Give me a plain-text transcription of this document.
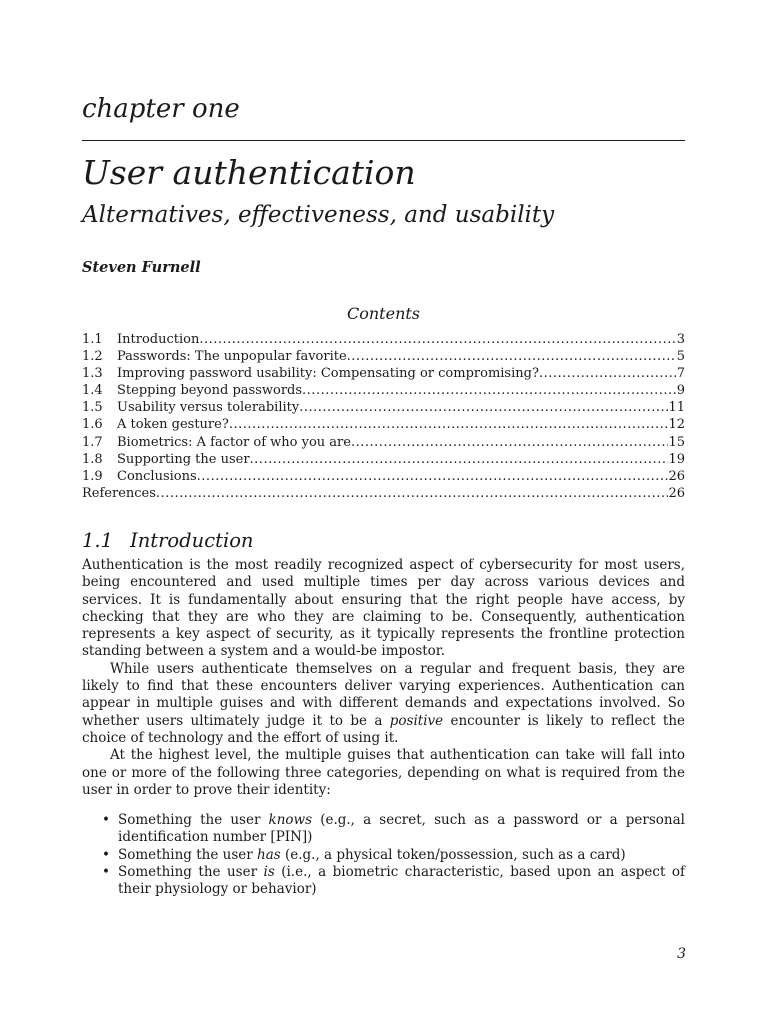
chapter one
User authentication
Alternatives, effectiveness, and usability
Steven Furnell
Contents
1.1	Introduction .....	3
1.2	Passwords: The unpopular favorite .....	5
1.3	Improving password usability: Compensating or compromising? .....	7
1.4	Stepping beyond passwords .....	9
1.5	Usability versus tolerability .....	11
1.6	A token gesture? .....	12
1.7	Biometrics: A factor of who you are .....	15
1.8	Supporting the user .....	19
1.9	Conclusions .....	26
References .....	26
1.1 Introduction

Authentication is the most readily recognized aspect of cybersecurity for most users, being encountered and used multiple times per day across various devices and services. It is fundamentally about ensuring that the right people have access, by checking that they are who they are claiming to be. Consequently, authentication represents a key aspect of security, as it typically represents the frontline protection standing between a system and a would-be impostor.

While users authenticate themselves on a regular and frequent basis, they are likely to find that these encounters deliver varying experiences. Authentication can appear in multiple guises and with different demands and expectations involved. So whether users ultimately judge it to be a positive encounter is likely to reflect the choice of technology and the effort of using it.

At the highest level, the multiple guises that authentication can take will fall into one or more of the following three categories, depending on what is required from the user in order to prove their identity:

• Something the user knows (e.g., a secret, such as a password or a personal identification number [PIN])
• Something the user has (e.g., a physical token/possession, such as a card)
• Something the user is (i.e., a biometric characteristic, based upon an aspect of their physiology or behavior)
3
